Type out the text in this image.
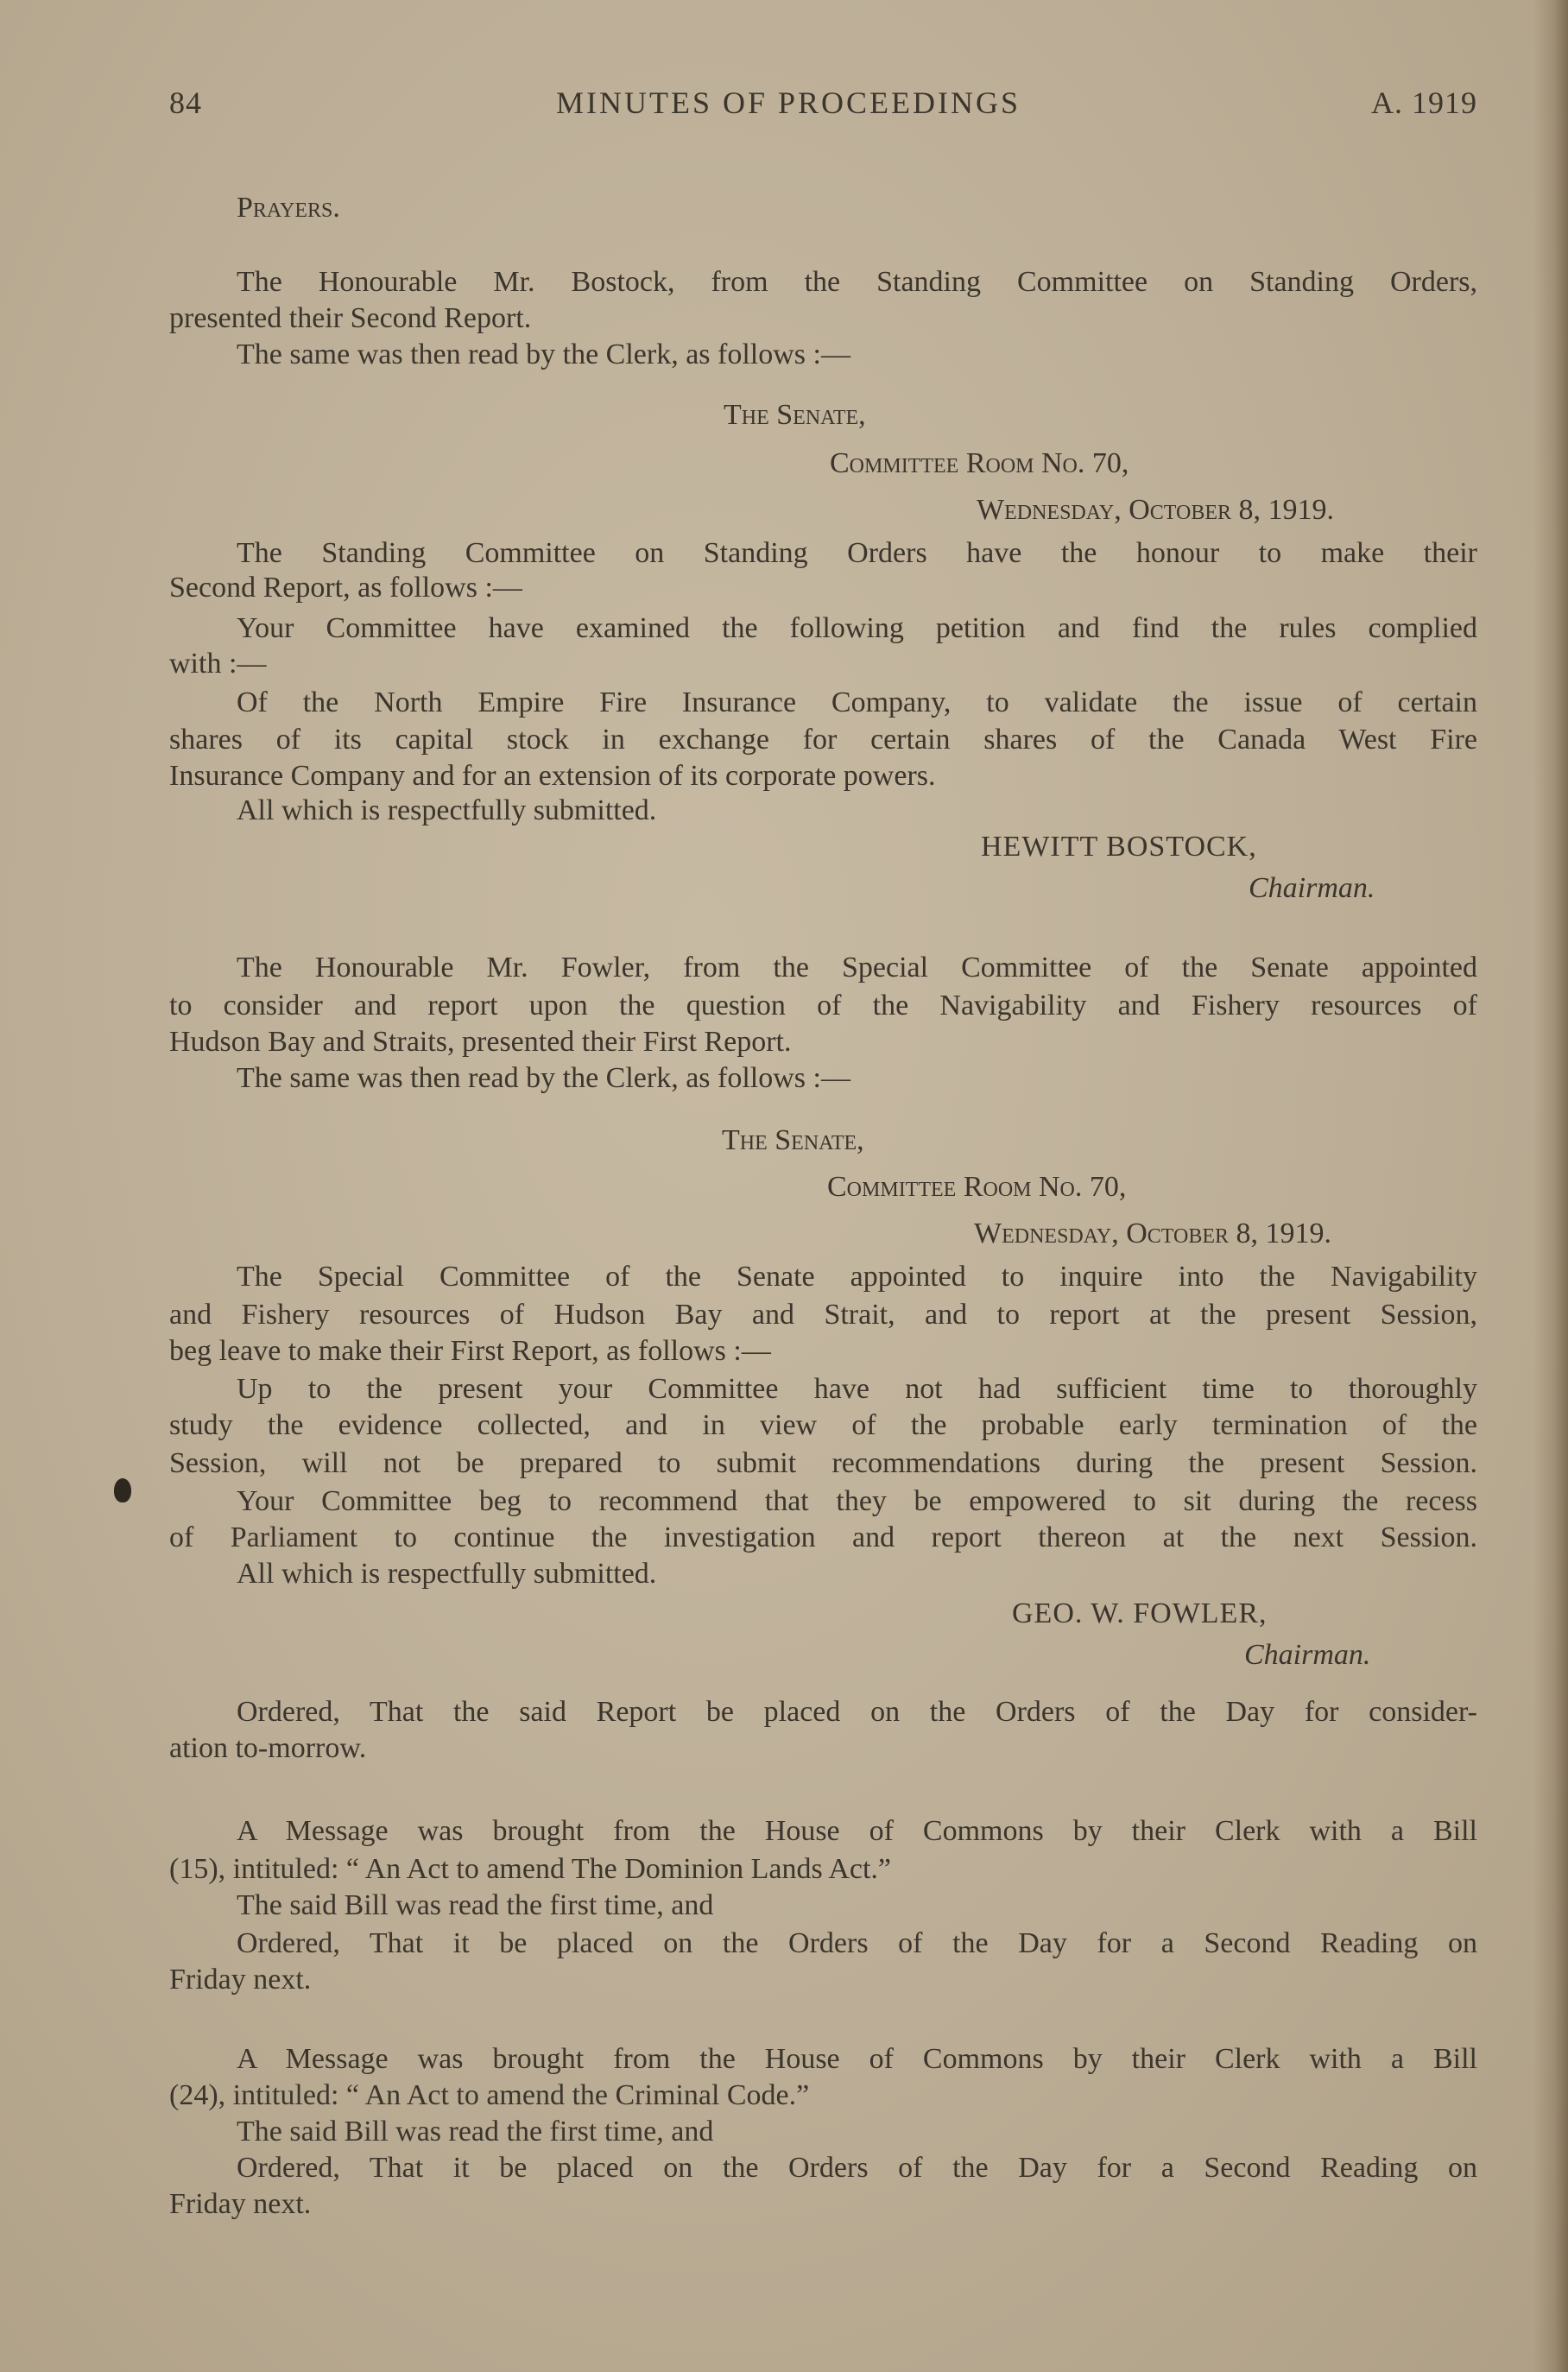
84	MINUTES OF PROCEEDINGS	A. 1919
Prayers.
The Honourable Mr. Bostock, from the Standing Committee on Standing Orders,
presented their Second Report.
The same was then read by the Clerk, as follows :—
The Senate,
Committee Room No. 70,
Wednesday, October 8, 1919.
The Standing Committee on Standing Orders have the honour to make their
Second Report, as follows :—
Your Committee have examined the following petition and find the rules complied
with :—
Of the North Empire Fire Insurance Company, to validate the issue of certain
shares of its capital stock in exchange for certain shares of the Canada West Fire
Insurance Company and for an extension of its corporate powers.
All which is respectfully submitted.
HEWITT BOSTOCK,
Chairman.
The Honourable Mr. Fowler, from the Special Committee of the Senate appointed
to consider and report upon the question of the Navigability and Fishery resources of
Hudson Bay and Straits, presented their First Report.
The same was then read by the Clerk, as follows :—
The Senate,
Committee Room No. 70,
Wednesday, October 8, 1919.
The Special Committee of the Senate appointed to inquire into the Navigability
and Fishery resources of Hudson Bay and Strait, and to report at the present Session,
beg leave to make their First Report, as follows :—
Up to the present your Committee have not had sufficient time to thoroughly
study the evidence collected, and in view of the probable early termination of the
Session, will not be prepared to submit recommendations during the present Session.
Your Committee beg to recommend that they be empowered to sit during the recess
of Parliament to continue the investigation and report thereon at the next Session.
All which is respectfully submitted.
GEO. W. FOWLER,
Chairman.
Ordered, That the said Report be placed on the Orders of the Day for consider-
ation to-morrow.
A Message was brought from the House of Commons by their Clerk with a Bill
(15), intituled: “ An Act to amend The Dominion Lands Act.”
The said Bill was read the first time, and
Ordered, That it be placed on the Orders of the Day for a Second Reading on
Friday next.
A Message was brought from the House of Commons by their Clerk with a Bill
(24), intituled: “ An Act to amend the Criminal Code.”
The said Bill was read the first time, and
Ordered, That it be placed on the Orders of the Day for a Second Reading on
Friday next.
